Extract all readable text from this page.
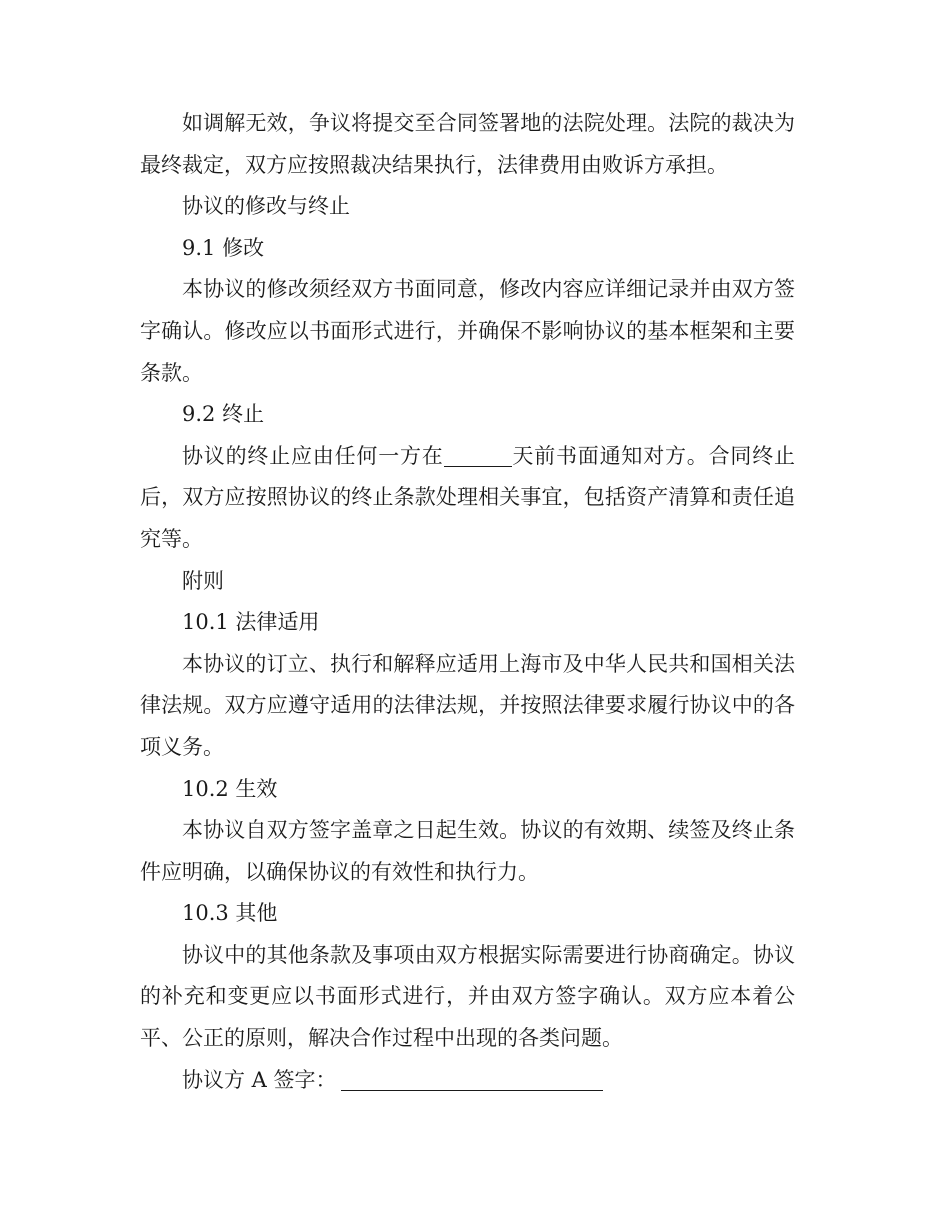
如调解无效，争议将提交至合同签署地的法院处理。法院的裁决为最终裁定，双方应按照裁决结果执行，法律费用由败诉方承担。

协议的修改与终止

9.1 修改

本协议的修改须经双方书面同意，修改内容应详细记录并由双方签字确认。修改应以书面形式进行，并确保不影响协议的基本框架和主要条款。

9.2 终止

协议的终止应由任何一方在	天前书面通知对方。合同终止后，双方应按照协议的终止条款处理相关事宜，包括资产清算和责任追究等。

附则

10.1 法律适用

本协议的订立、执行和解释应适用上海市及中华人民共和国相关法律法规。双方应遵守适用的法律法规，并按照法律要求履行协议中的各项义务。

10.2 生效

本协议自双方签字盖章之日起生效。协议的有效期、续签及终止条件应明确，以确保协议的有效性和执行力。

10.3 其他

协议中的其他条款及事项由双方根据实际需要进行协商确定。协议的补充和变更应以书面形式进行，并由双方签字确认。双方应本着公平、公正的原则，解决合作过程中出现的各类问题。

协议方 A 签字：
